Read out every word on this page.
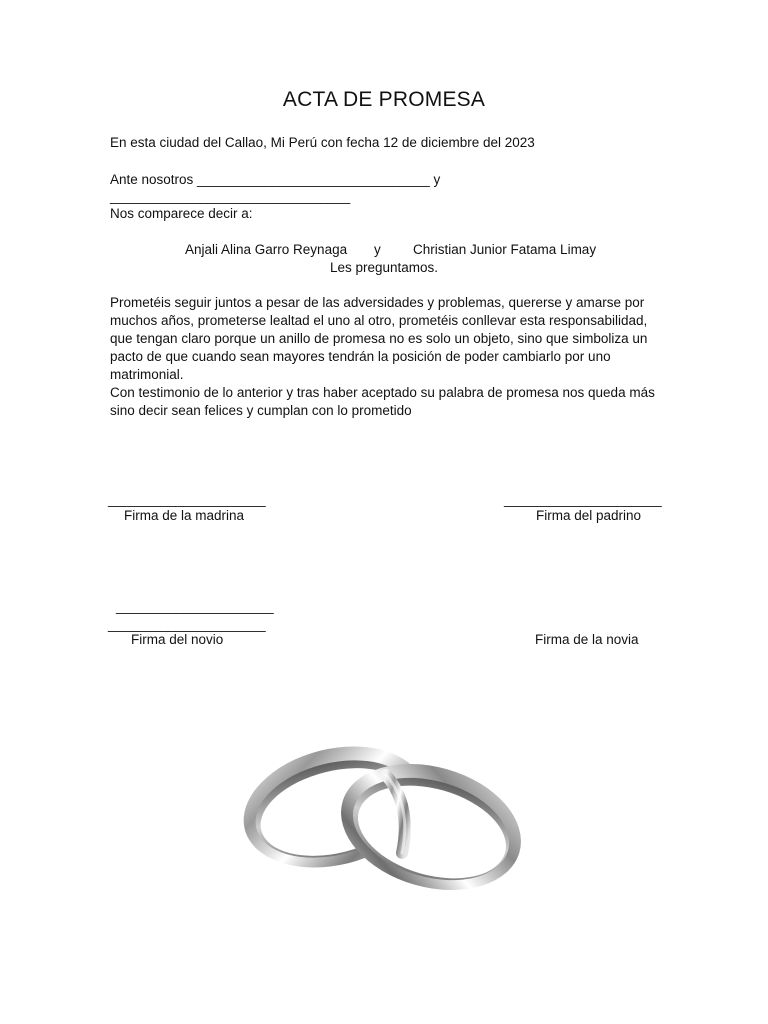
ACTA DE PROMESA
En esta ciudad del Callao, Mi Perú con fecha 12 de diciembre del 2023
Ante nosotros _______________________________ y
________________________________
Nos comparece decir a:
Anjali Alina Garro Reynaga y Christian Junior Fatama Limay
Les preguntamos.

Prometéis seguir juntos a pesar de las adversidades y problemas, quererse y amarse por muchos años, prometerse lealtad el uno al otro, prometéis conllevar esta responsabilidad, que tengan claro porque un anillo de promesa no es solo un objeto, sino que simboliza un pacto de que cuando sean mayores tendrán la posición de poder cambiarlo por uno matrimonial.

Con testimonio de lo anterior y tras haber aceptado su palabra de promesa nos queda más sino decir sean felices y cumplan con lo prometido

_____________________
Firma de la madrina
_____________________
Firma del padrino
_____________________
_____________________
Firma del novio	Firma de la novia
